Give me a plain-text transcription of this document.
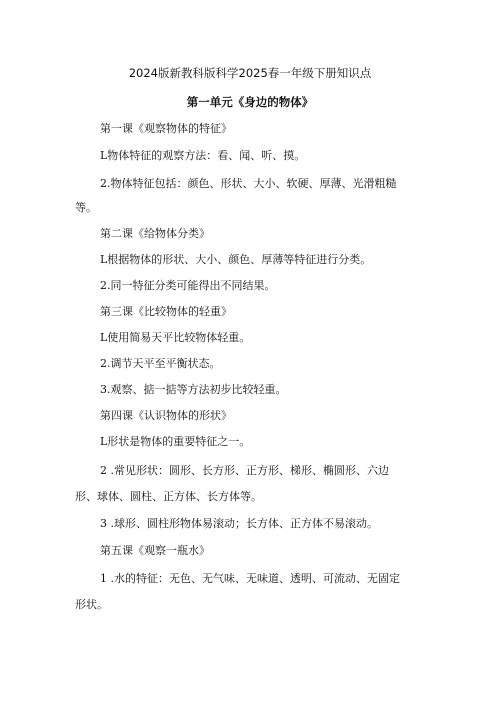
2024版新教科版科学2025春一年级下册知识点
第一单元《身边的物体》
第一课《观察物体的特征》
L物体特征的观察方法：看、闻、听、摸。
2.物体特征包括：颜色、形状、大小、软硬、厚薄、光滑粗糙
等。
第二课《给物体分类》
L根据物体的形状、大小、颜色、厚薄等特征进行分类。
2.同一特征分类可能得出不同结果。
第三课《比较物体的轻重》
L使用简易天平比较物体轻重。
2.调节天平至平衡状态。
3.观察、掂一掂等方法初步比较轻重。
第四课《认识物体的形状》
L形状是物体的重要特征之一。
2 .常见形状：圆形、长方形、正方形、梯形、椭圆形、六边
形、球体、圆柱、正方体、长方体等。
3 .球形、圆柱形物体易滚动；长方体、正方体不易滚动。
第五课《观察一瓶水》
1 .水的特征：无色、无气味、无味道、透明、可流动、无固定
形状。
